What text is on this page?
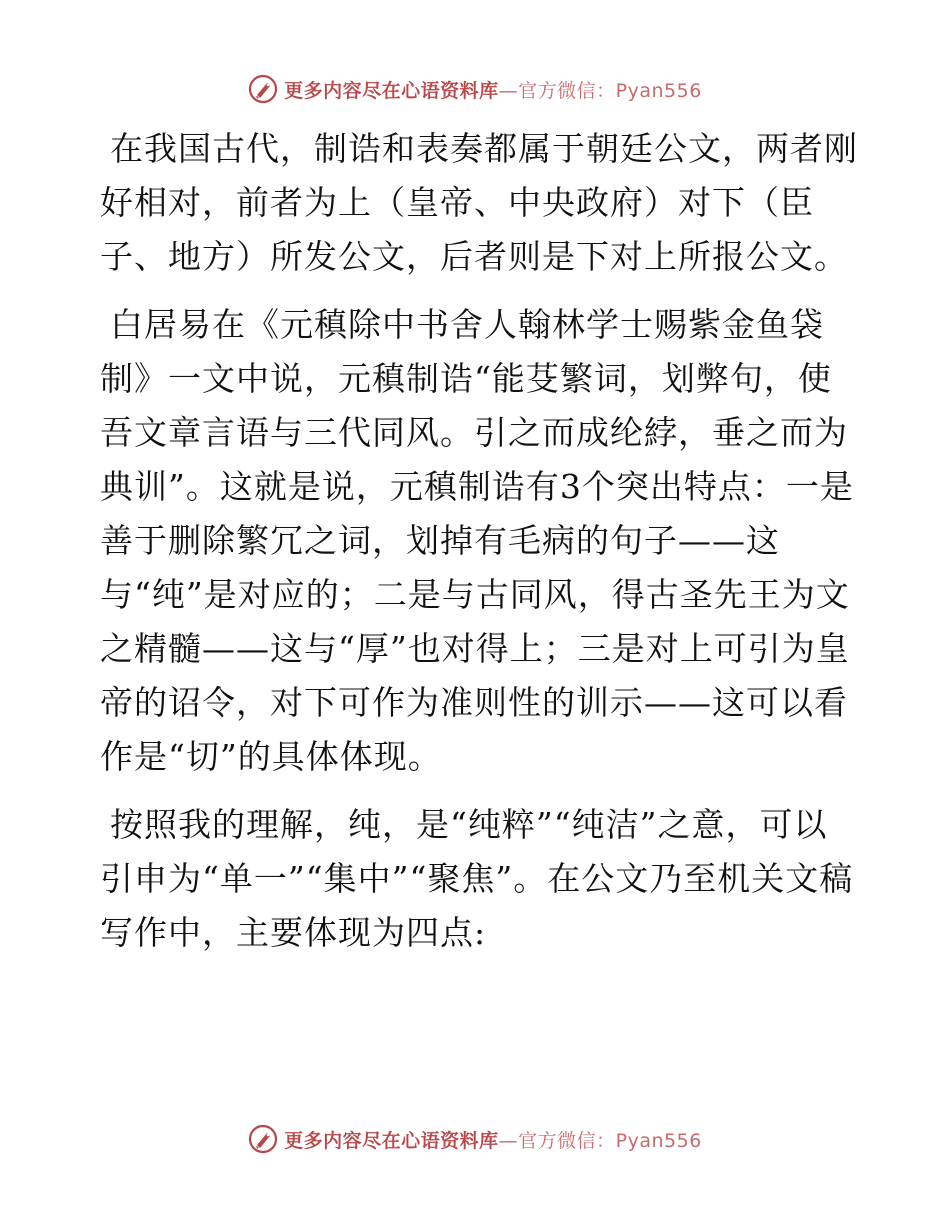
更多内容尽在心语资料库—官方微信：Pyan556

在我国古代，制诰和表奏都属于朝廷公文，两者刚好相对，前者为上（皇帝、中央政府）对下（臣子、地方）所发公文，后者则是下对上所报公文。

白居易在《元稹除中书舍人翰林学士赐紫金鱼袋制》一文中说，元稹制诰“能芟繁词，划弊句，使吾文章言语与三代同风。引之而成纶綍，垂之而为典训”。这就是说，元稹制诰有3个突出特点：一是善于删除繁冗之词，划掉有毛病的句子——这与“纯”是对应的；二是与古同风，得古圣先王为文之精髓——这与“厚”也对得上；三是对上可引为皇帝的诏令，对下可作为准则性的训示——这可以看作是“切”的具体体现。

按照我的理解，纯，是“纯粹”“纯洁”之意，可以引申为“单一”“集中”“聚焦”。在公文乃至机关文稿写作中，主要体现为四点:

更多内容尽在心语资料库—官方微信：Pyan556
